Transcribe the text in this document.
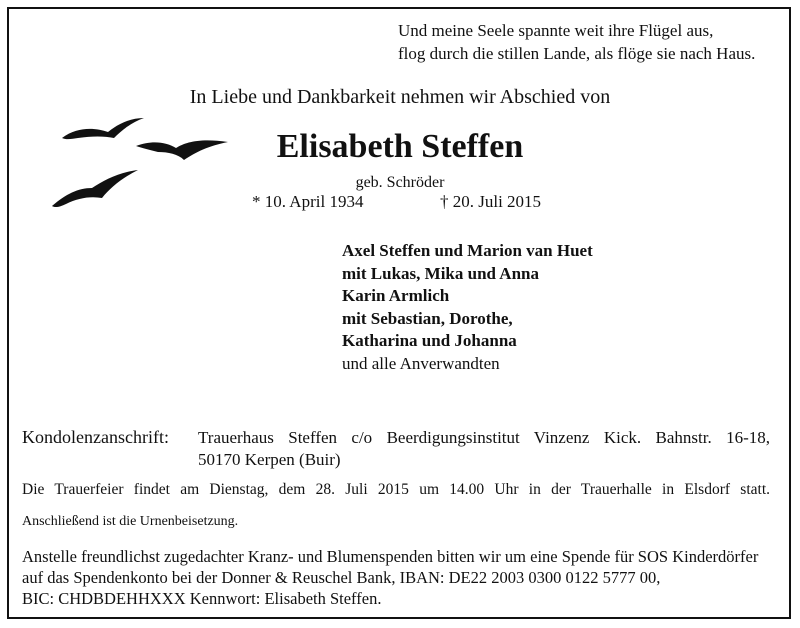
Und meine Seele spannte weit ihre Flügel aus,
flog durch die stillen Lande, als flöge sie nach Haus.
In Liebe und Dankbarkeit nehmen wir Abschied von
Elisabeth Steffen
geb. Schröder
* 10. April 1934	† 20. Juli 2015
Axel Steffen und Marion van Huet
mit Lukas, Mika und Anna
Karin Armlich
mit Sebastian, Dorothe,
Katharina und Johanna
und alle Anverwandten
Kondolenzanschrift: Trauerhaus Steffen c/o Beerdigungsinstitut Vinzenz Kick. Bahnstr. 16-18,
50170 Kerpen (Buir)
Die Trauerfeier findet am Dienstag, dem 28. Juli 2015 um 14.00 Uhr in der Trauerhalle in Elsdorf statt.
Anschließend ist die Urnenbeisetzung.
Anstelle freundlichst zugedachter Kranz- und Blumenspenden bitten wir um eine Spende für SOS Kinderdörfer
auf das Spendenkonto bei der Donner & Reuschel Bank, IBAN: DE22 2003 0300 0122 5777 00,
BIC: CHDBDEHHXXX Kennwort: Elisabeth Steffen.
